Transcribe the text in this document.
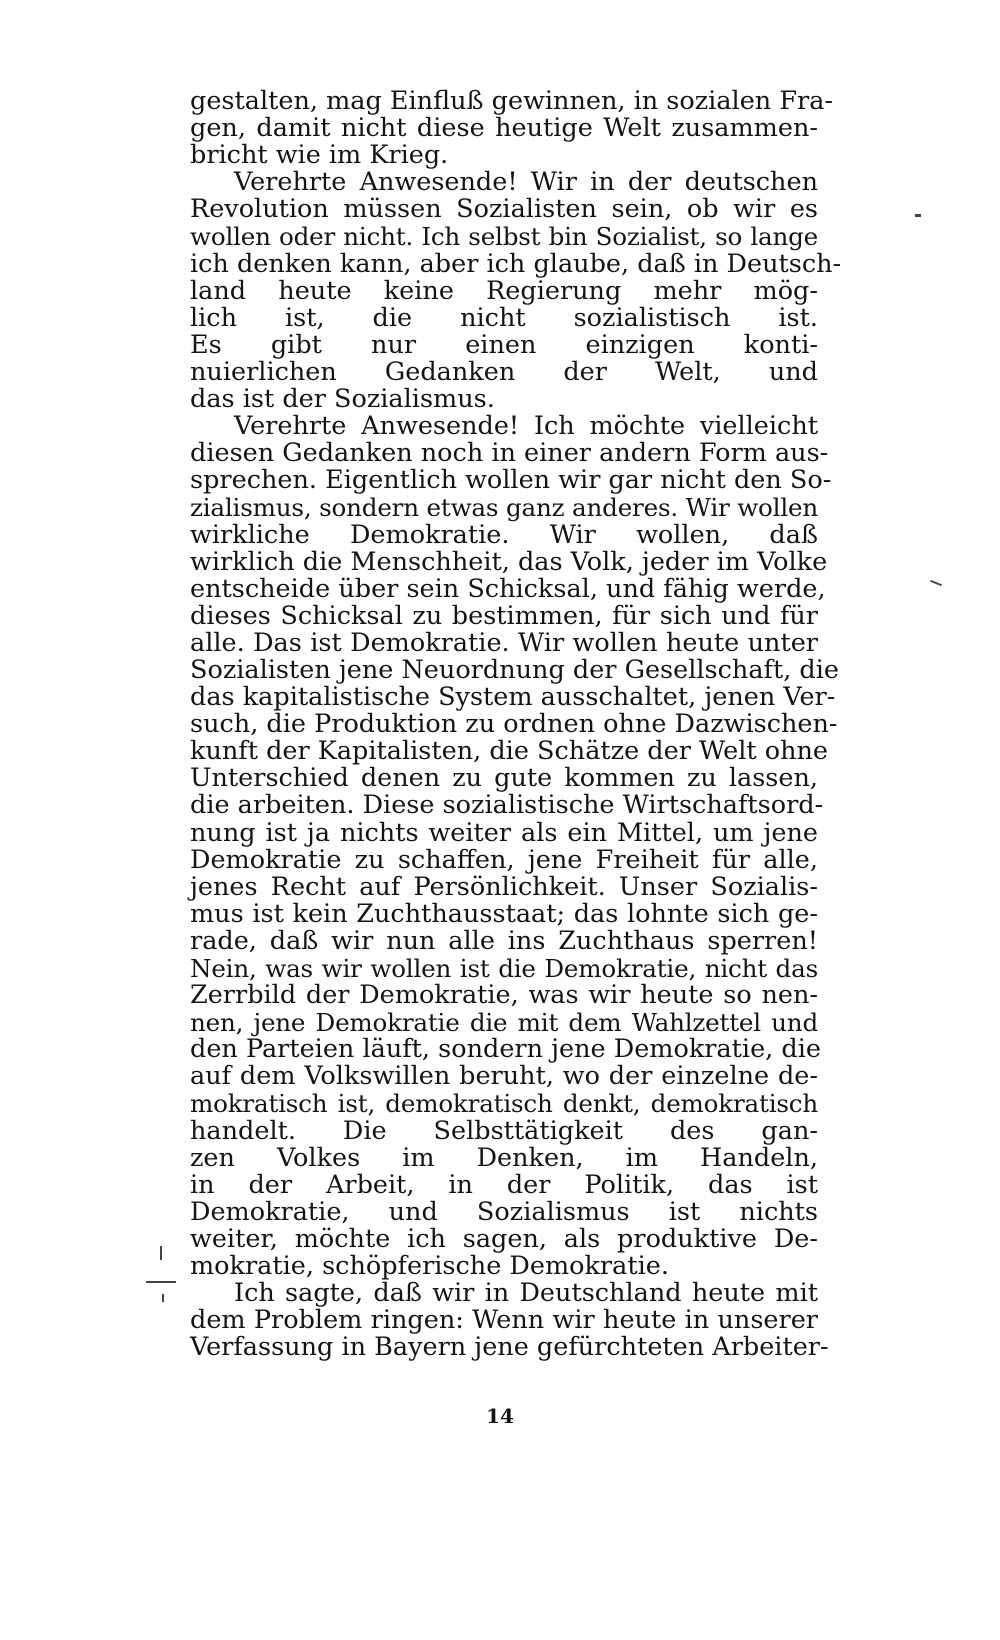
gestalten, mag Einfluß gewinnen, in sozialen Fra-
gen, damit nicht diese heutige Welt zusammen-
bricht wie im Krieg.
Verehrte Anwesende! Wir in der deutschen
Revolution müssen Sozialisten sein, ob wir es
wollen oder nicht. Ich selbst bin Sozialist, so lange
ich denken kann, aber ich glaube, daß in Deutsch-
land heute keine Regierung mehr mög-
lich ist, die nicht sozialistisch ist.
Es gibt nur einen einzigen konti-
nuierlichen Gedanken der Welt, und
das ist der Sozialismus.
Verehrte Anwesende! Ich möchte vielleicht
diesen Gedanken noch in einer andern Form aus-
sprechen. Eigentlich wollen wir gar nicht den So-
zialismus, sondern etwas ganz anderes. Wir wollen
wirkliche Demokratie. Wir wollen, daß
wirklich die Menschheit, das Volk, jeder im Volke
entscheide über sein Schicksal, und fähig werde,
dieses Schicksal zu bestimmen, für sich und für
alle. Das ist Demokratie. Wir wollen heute unter
Sozialisten jene Neuordnung der Gesellschaft, die
das kapitalistische System ausschaltet, jenen Ver-
such, die Produktion zu ordnen ohne Dazwischen-
kunft der Kapitalisten, die Schätze der Welt ohne
Unterschied denen zu gute kommen zu lassen,
die arbeiten. Diese sozialistische Wirtschaftsord-
nung ist ja nichts weiter als ein Mittel, um jene
Demokratie zu schaffen, jene Freiheit für alle,
jenes Recht auf Persönlichkeit. Unser Sozialis-
mus ist kein Zuchthausstaat; das lohnte sich ge-
rade, daß wir nun alle ins Zuchthaus sperren!
Nein, was wir wollen ist die Demokratie, nicht das
Zerrbild der Demokratie, was wir heute so nen-
nen, jene Demokratie die mit dem Wahlzettel und
den Parteien läuft, sondern jene Demokratie, die
auf dem Volkswillen beruht, wo der einzelne de-
mokratisch ist, demokratisch denkt, demokratisch
handelt. Die Selbsttätigkeit des gan-
zen Volkes im Denken, im Handeln,
in der Arbeit, in der Politik, das ist
Demokratie, und Sozialismus ist nichts
weiter, möchte ich sagen, als produktive De-
mokratie, schöpferische Demokratie.
Ich sagte, daß wir in Deutschland heute mit
dem Problem ringen: Wenn wir heute in unserer
Verfassung in Bayern jene gefürchteten Arbeiter-
14
